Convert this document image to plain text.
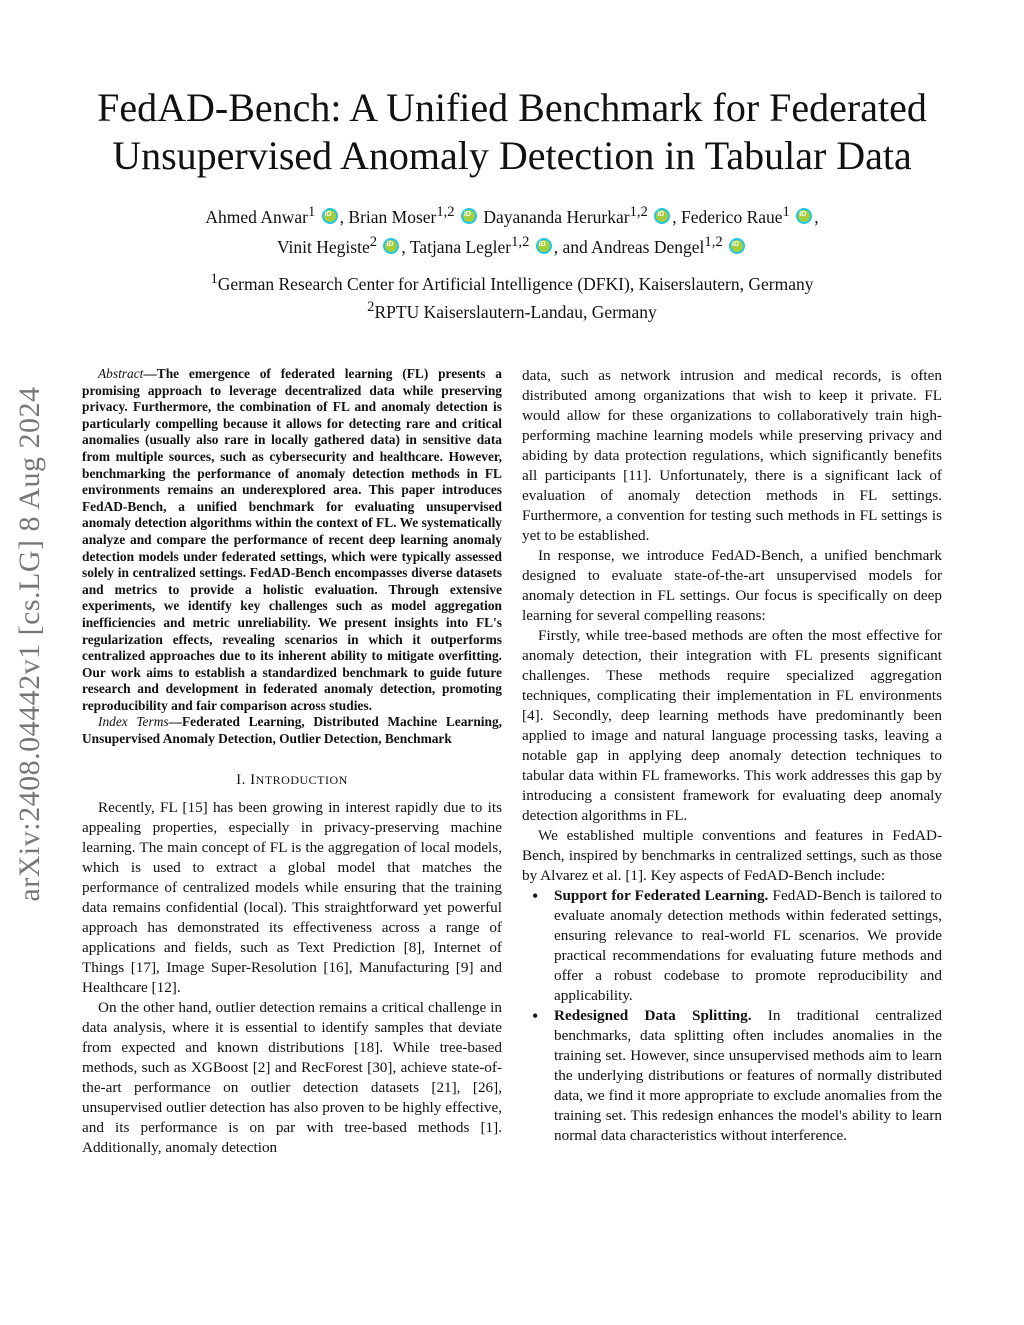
FedAD-Bench: A Unified Benchmark for Federated
Unsupervised Anomaly Detection in Tabular Data
Ahmed Anwar$^1$ iD , Brian Moser$^{1,2}$ iD Dayananda Herurkar$^{1,2}$ iD , Federico Raue$^1$ iD ,
Vinit Hegiste$^2$ iD , Tatjana Legler$^{1,2}$ iD , and Andreas Dengel$^{1,2}$ iD
$^1$German Research Center for Artificial Intelligence (DFKI), Kaiserslautern, Germany
$^2$RPTU Kaiserslautern-Landau, Germany
arXiv:2408.04442v1 [cs.LG] 8 Aug 2024

Abstract—The emergence of federated learning (FL) presents a promising approach to leverage decentralized data while preserving privacy. Furthermore, the combination of FL and anomaly detection is particularly compelling because it allows for detecting rare and critical anomalies (usually also rare in locally gathered data) in sensitive data from multiple sources, such as cybersecurity and healthcare. However, benchmarking the performance of anomaly detection methods in FL environments remains an underexplored area. This paper introduces FedAD-Bench, a unified benchmark for evaluating unsupervised anomaly detection algorithms within the context of FL. We systematically analyze and compare the performance of recent deep learning anomaly detection models under federated settings, which were typically assessed solely in centralized settings. FedAD-Bench encompasses diverse datasets and metrics to provide a holistic evaluation. Through extensive experiments, we identify key challenges such as model aggregation inefficiencies and metric unreliability. We present insights into FL's regularization effects, revealing scenarios in which it outperforms centralized approaches due to its inherent ability to mitigate overfitting. Our work aims to establish a standardized benchmark to guide future research and development in federated anomaly detection, promoting reproducibility and fair comparison across studies.

Index Terms—Federated Learning, Distributed Machine Learning, Unsupervised Anomaly Detection, Outlier Detection, Benchmark

I. INTRODUCTION

Recently, FL [15] has been growing in interest rapidly due to its appealing properties, especially in privacy-preserving machine learning. The main concept of FL is the aggregation of local models, which is used to extract a global model that matches the performance of centralized models while ensuring that the training data remains confidential (local). This straightforward yet powerful approach has demonstrated its effectiveness across a range of applications and fields, such as Text Prediction [8], Internet of Things [17], Image Super-Resolution [16], Manufacturing [9] and Healthcare [12].

On the other hand, outlier detection remains a critical challenge in data analysis, where it is essential to identify samples that deviate from expected and known distributions [18]. While tree-based methods, such as XGBoost [2] and RecForest [30], achieve state-of-the-art performance on outlier detection datasets [21], [26], unsupervised outlier detection has also proven to be highly effective, and its performance is on par with tree-based methods [1]. Additionally, anomaly detection

data, such as network intrusion and medical records, is often distributed among organizations that wish to keep it private. FL would allow for these organizations to collaboratively train high-performing machine learning models while preserving privacy and abiding by data protection regulations, which significantly benefits all participants [11]. Unfortunately, there is a significant lack of evaluation of anomaly detection methods in FL settings. Furthermore, a convention for testing such methods in FL settings is yet to be established.

In response, we introduce FedAD-Bench, a unified benchmark designed to evaluate state-of-the-art unsupervised models for anomaly detection in FL settings. Our focus is specifically on deep learning for several compelling reasons:

Firstly, while tree-based methods are often the most effective for anomaly detection, their integration with FL presents significant challenges. These methods require specialized aggregation techniques, complicating their implementation in FL environments [4]. Secondly, deep learning methods have predominantly been applied to image and natural language processing tasks, leaving a notable gap in applying deep anomaly detection techniques to tabular data within FL frameworks. This work addresses this gap by introducing a consistent framework for evaluating deep anomaly detection algorithms in FL.

We established multiple conventions and features in FedAD-Bench, inspired by benchmarks in centralized settings, such as those by Alvarez et al. [1]. Key aspects of FedAD-Bench include:

• Support for Federated Learning. FedAD-Bench is tailored to evaluate anomaly detection methods within federated settings, ensuring relevance to real-world FL scenarios. We provide practical recommendations for evaluating future methods and offer a robust codebase to promote reproducibility and applicability.
• Redesigned Data Splitting. In traditional centralized benchmarks, data splitting often includes anomalies in the training set. However, since unsupervised methods aim to learn the underlying distributions or features of normally distributed data, we find it more appropriate to exclude anomalies from the training set. This redesign enhances the model's ability to learn normal data characteristics without interference.
